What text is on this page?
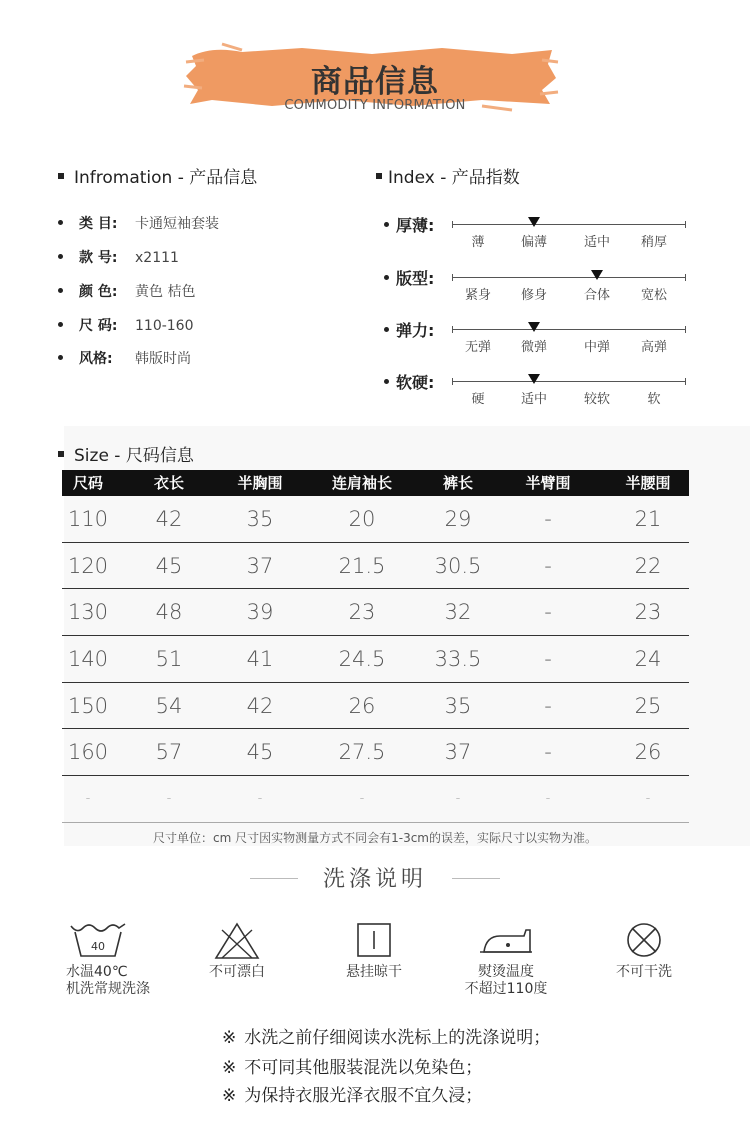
商品信息
COMMODITY INFORMATION
Infromation - 产品信息
类 目: 卡通短袖套装
款 号: x2111
颜 色: 黄色 桔色
尺 码: 110-160
风格: 韩版时尚
Index - 产品指数
厚薄:
薄	偏薄	适中	稍厚
版型:
紧身	修身	合体	宽松
弹力:
无弹	微弹	中弹	高弹
软硬:
硬	适中	较软	软
Size - 尺码信息
尺码	衣长	半胸围	连肩袖长	裤长	半臂围	半腰围
110	42	35	20	29	-	21
120	45	37	21.5	30.5	-	22
130	48	39	23	32	-	23
140	51	41	24.5	33.5	-	24
150	54	42	26	35	-	25
160	57	45	27.5	37	-	26
-	-	-	-	-	-	-
尺寸单位：cm 尺寸因实物测量方式不同会有1-3cm的误差，实际尺寸以实物为准。
洗涤说明
40
水温40℃
机洗常规洗涤
不可漂白	悬挂晾干	熨烫温度
不超过110度
不可干洗
※ 水洗之前仔细阅读水洗标上的洗涤说明；
※ 不可同其他服装混洗以免染色；
※ 为保持衣服光泽衣服不宜久浸；
